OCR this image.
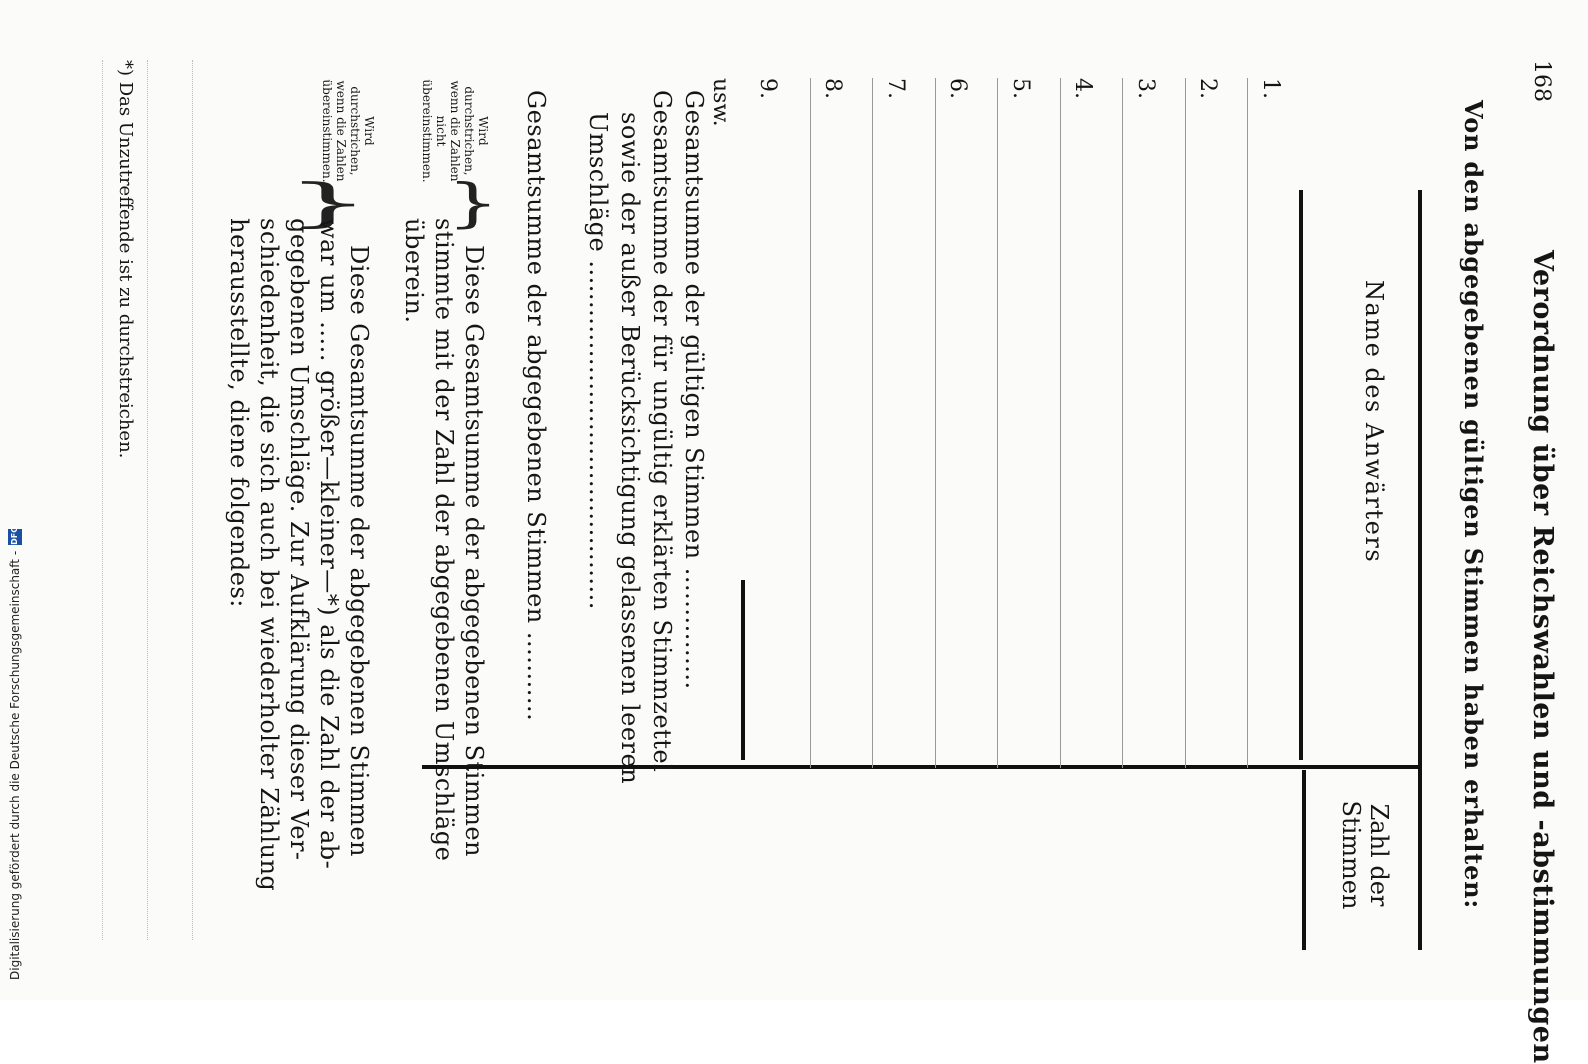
168
Verordnung über Reichswahlen und -abstimmungen
Von den abgegebenen gültigen Stimmen haben erhalten:
Name des Anwärters
Zahl der Stimmen
1.
2.
3.
4.
5.
6.
7.
8.
9.
usw.
Gesamtsumme der gültigen Stimmen ...............
Gesamtsumme der für ungültig erklärten Stimmzettel
sowie der außer Berücksichtigung gelassenen leeren
Umschläge ...........................................
Gesamtsumme der abgegebenen Stimmen ...........
Wird durchstrichen, wenn die Zahlen nicht übereinstimmen.
{
Diese Gesamtsumme der abgegebenen Stimmen
stimmte mit der Zahl der abgegebenen Umschläge
überein.
Wird durchstrichen, wenn die Zahlen übereinstimmen.
{
Diese Gesamtsumme der abgegebenen Stimmen
war um ..... größer—kleiner—*) als die Zahl der ab-
gegebenen Umschläge. Zur Aufklärung dieser Ver-
schiedenheit, die sich auch bei wiederholter Zählung
herausstellte, diene folgendes:
*) Das Unzutreffende ist zu durchstreichen.
Digitalisierung gefördert durch die Deutsche Forschungsgemeinschaft -
DFG
